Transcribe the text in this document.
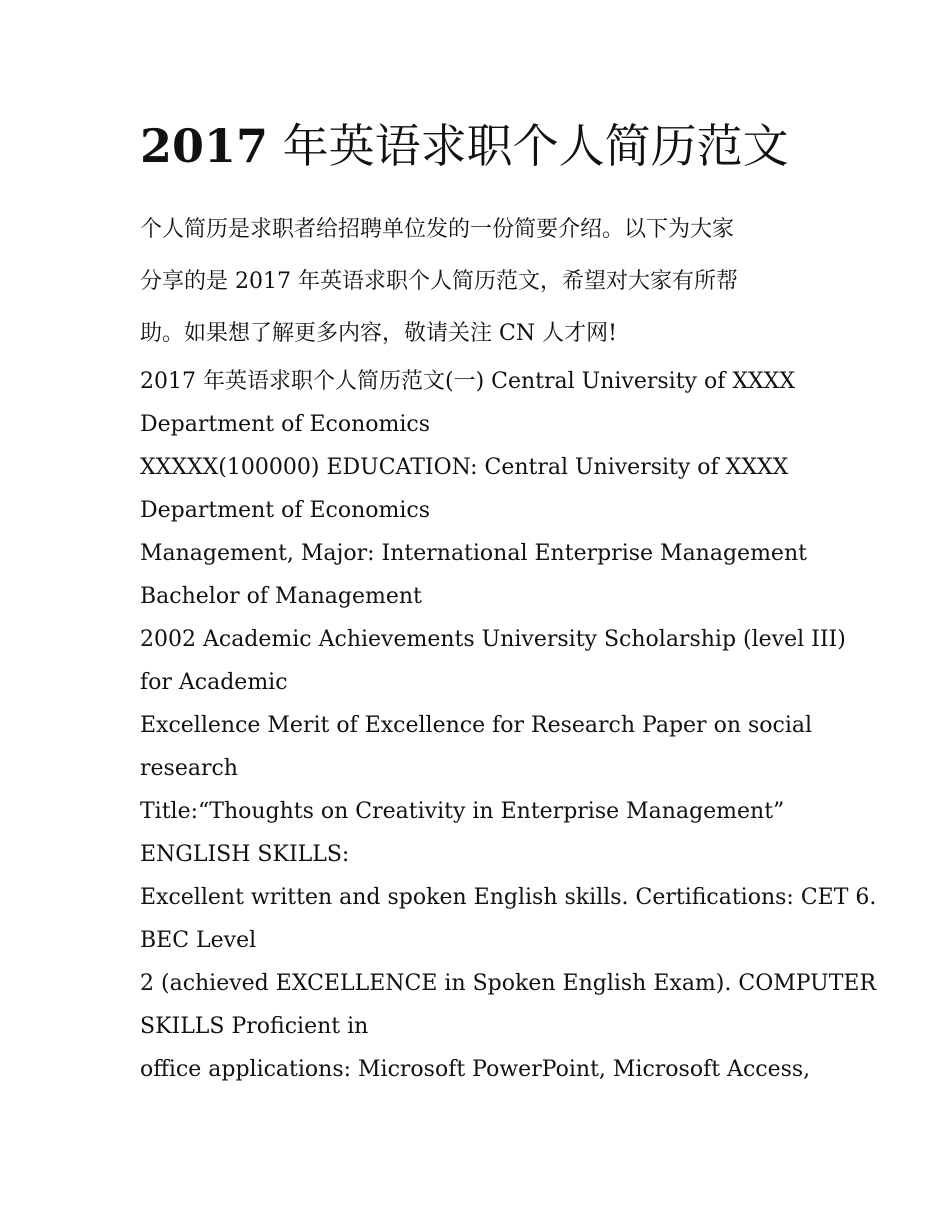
2017 年英语求职个人简历范文
个人简历是求职者给招聘单位发的一份简要介绍。以下为大家
分享的是 2017 年英语求职个人简历范文，希望对大家有所帮
助。如果想了解更多内容，敬请关注 CN 人才网!
2017 年英语求职个人简历范文(一) Central University of XXXX
Department of Economics
XXXXX(100000) EDUCATION: Central University of XXXX
Department of Economics
Management, Major: International Enterprise Management
Bachelor of Management
2002 Academic Achievements University Scholarship (level III)
for Academic
Excellence Merit of Excellence for Research Paper on social
research
Title:“Thoughts on Creativity in Enterprise Management”
ENGLISH SKILLS:
Excellent written and spoken English skills. Certifications: CET 6.
BEC Level
2 (achieved EXCELLENCE in Spoken English Exam). COMPUTER
SKILLS Proficient in
office applications: Microsoft PowerPoint, Microsoft Access,
